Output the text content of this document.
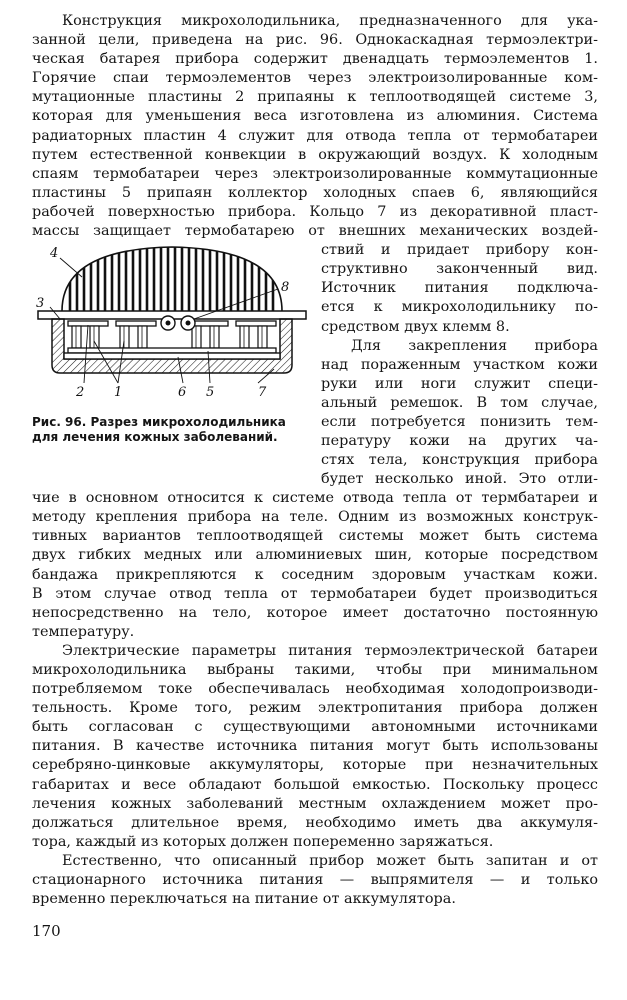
Конструкция микрохолодильника, предназначенного для ука-
занной цели, приведена на рис. 96. Однокаскадная термоэлектри-
ческая батарея прибора содержит двенадцать термоэлементов 1.
Горячие спаи термоэлементов через электроизолированные ком-
мутационные пластины 2 припаяны к теплоотводящей системе 3,
которая для уменьшения веса изготовлена из алюминия. Система
радиаторных пластин 4 служит для отвода тепла от термобатареи
путем естественной конвекции в окружающий воздух. К холодным
спаям термобатареи через электроизолированные коммутационные
пластины 5 припаян коллектор холодных спаев 6, являющийся
рабочей поверхностью прибора. Кольцо 7 из декоративной пласт-
массы защищает термобатарею от внешних механических воздей-
4
3
8
2 1	6 5	7
Рис. 96. Разрез микрохолодильника
для лечения кожных заболеваний.
ствий и придает прибору кон-
структивно законченный вид.
Источник питания подключа-
ется к микрохолодильнику по-
средством двух клемм 8.
Для закрепления прибора
над пораженным участком кожи
руки или ноги служит специ-
альный ремешок. В том случае,
если потребуется понизить тем-
пературу кожи на других ча-
стях тела, конструкция прибора
будет несколько иной. Это отли-
чие в основном относится к системе отвода тепла от термбатареи и
методу крепления прибора на теле. Одним из возможных конструк-
тивных вариантов теплоотводящей системы может быть система
двух гибких медных или алюминиевых шин, которые посредством
бандажа прикрепляются к соседним здоровым участкам кожи.
В этом случае отвод тепла от термобатареи будет производиться
непосредственно на тело, которое имеет достаточно постоянную
температуру.
Электрические параметры питания термоэлектрической батареи
микрохолодильника выбраны такими, чтобы при минимальном
потребляемом токе обеспечивалась необходимая холодопроизводи-
тельность. Кроме того, режим электропитания прибора должен
быть согласован с существующими автономными источниками
питания. В качестве источника питания могут быть использованы
серебряно-цинковые аккумуляторы, которые при незначительных
габаритах и весе обладают большой емкостью. Поскольку процесс
лечения кожных заболеваний местным охлаждением может про-
должаться длительное время, необходимо иметь два аккумуля-
тора, каждый из которых должен попеременно заряжаться.
Естественно, что описанный прибор может быть запитан и от
стационарного источника питания — выпрямителя — и только
временно переключаться на питание от аккумулятора.
170
